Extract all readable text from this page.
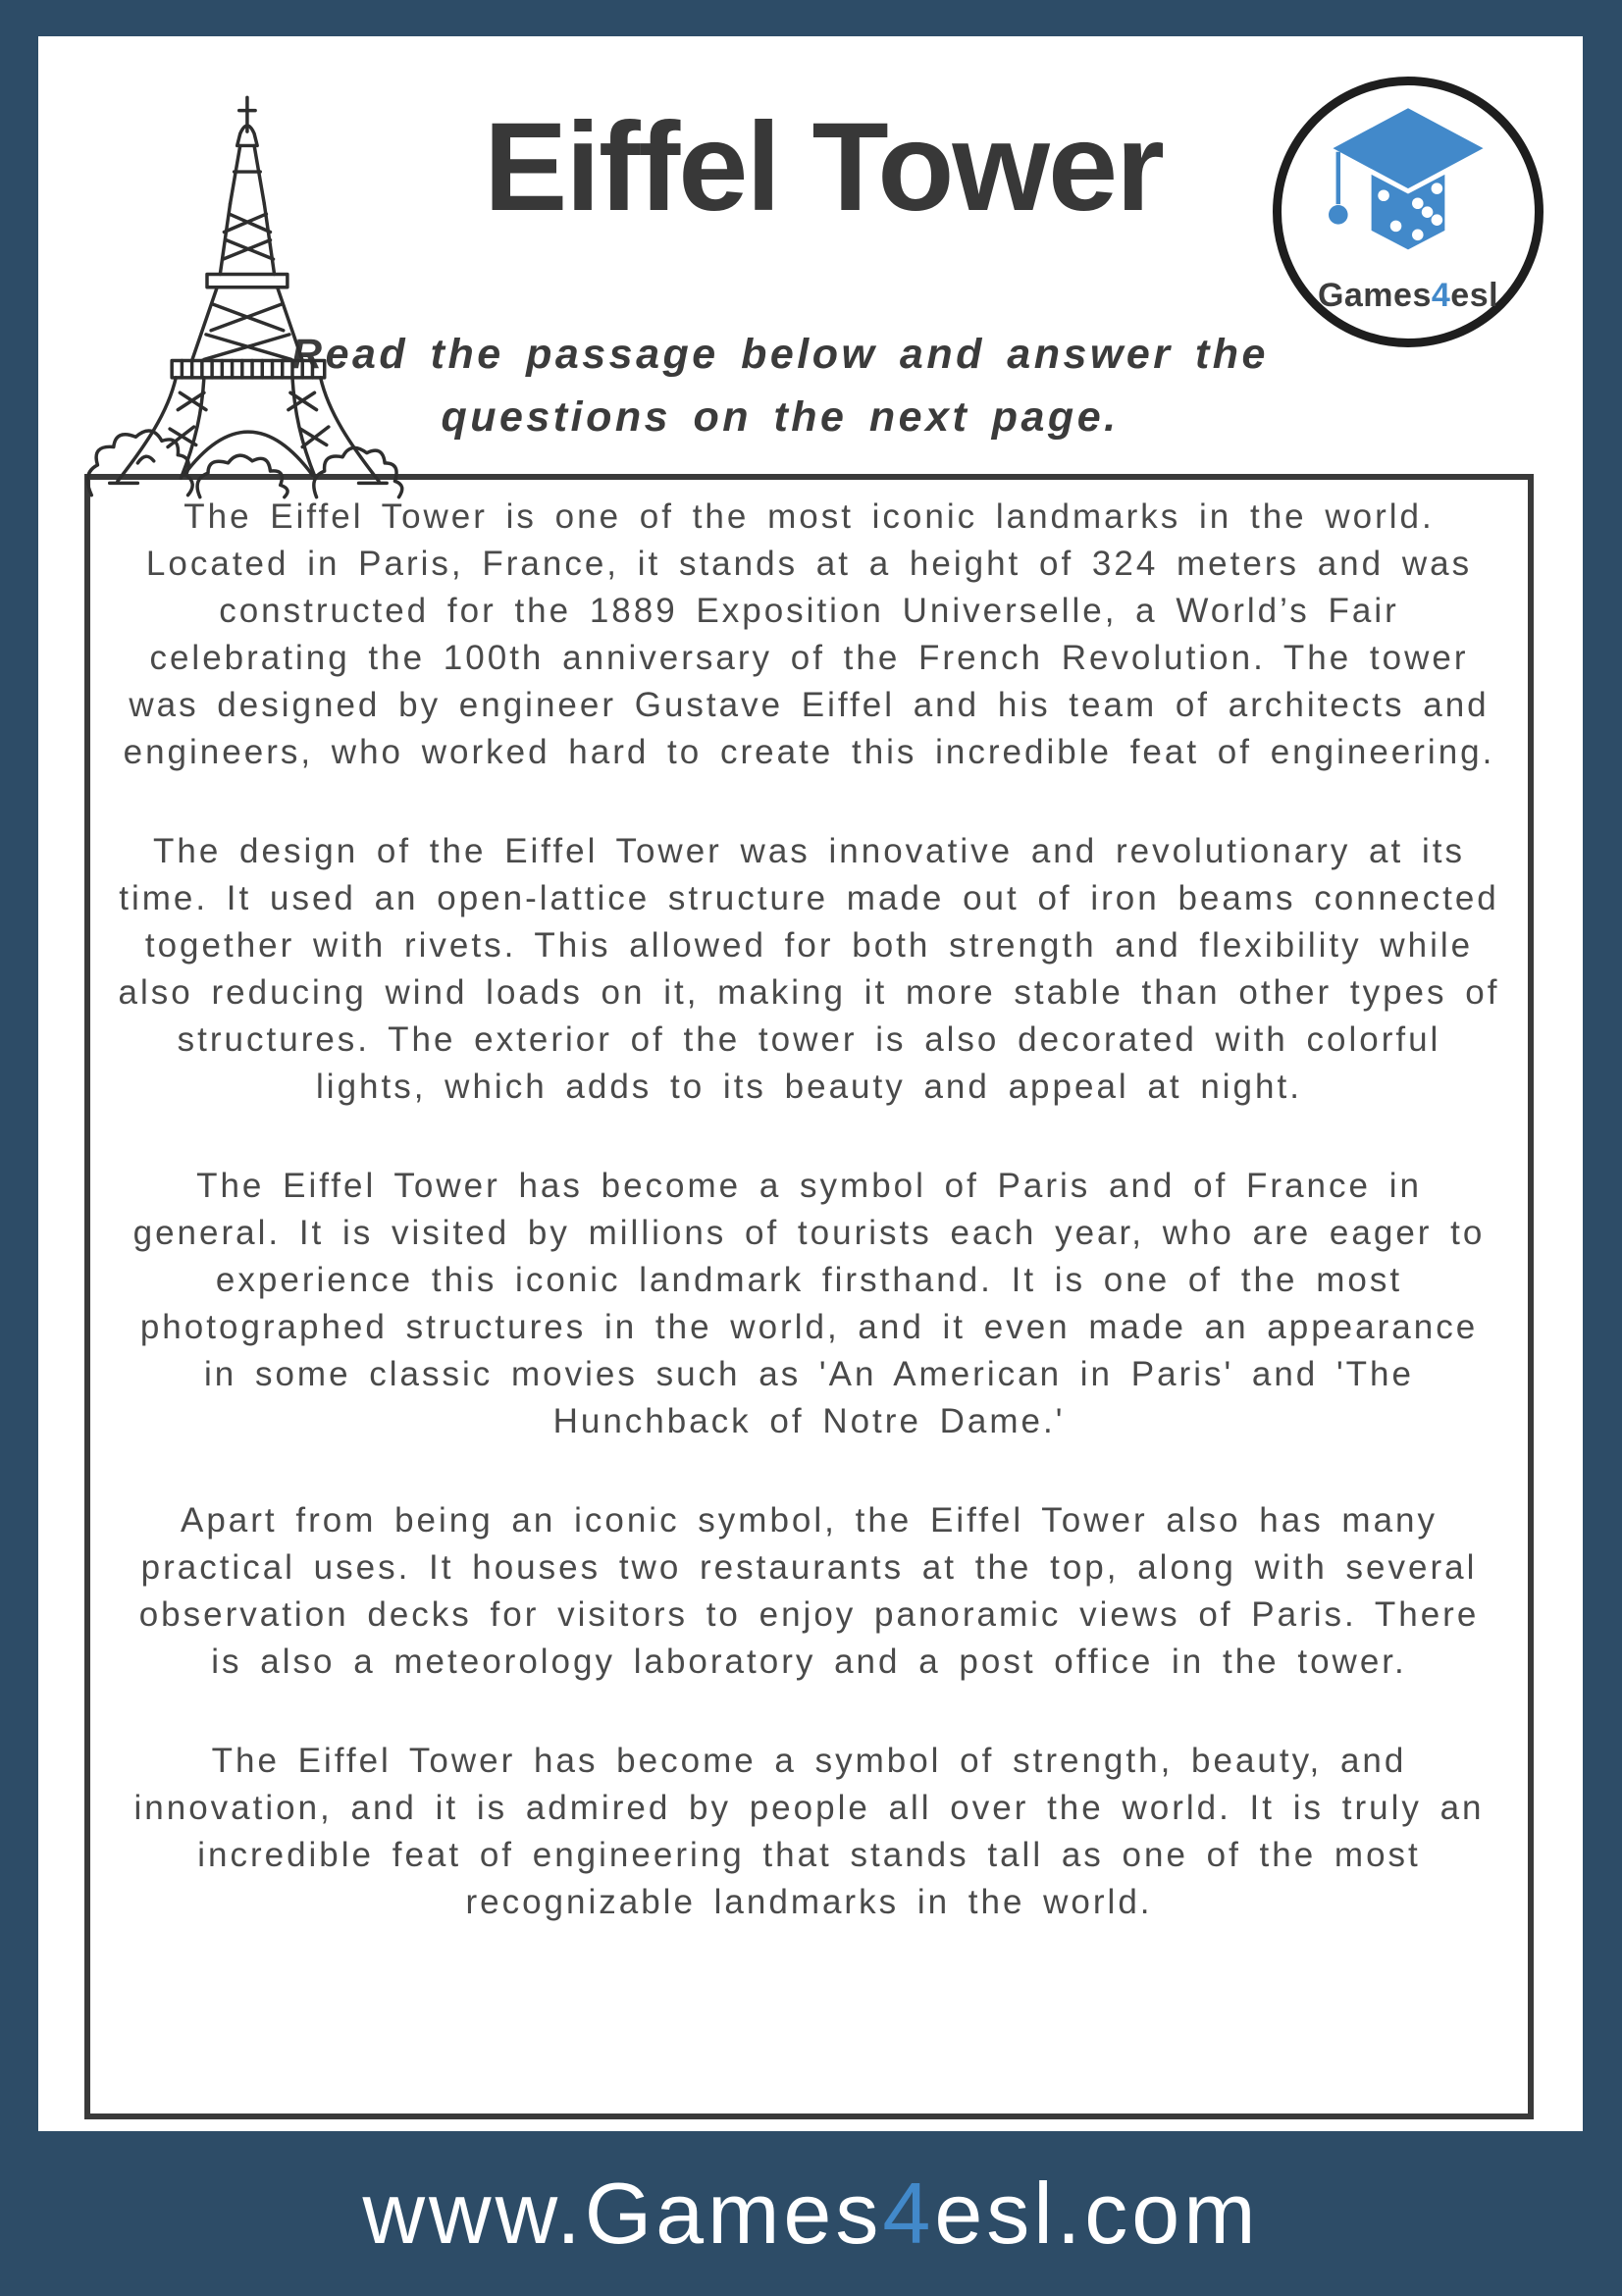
Eiffel Tower
Games4esl
Read the passage below and answer the
questions on the next page.

The Eiffel Tower is one of the most iconic landmarks in the world. Located in Paris, France, it stands at a height of 324 meters and was constructed for the 1889 Exposition Universelle, a World’s Fair celebrating the 100th anniversary of the French Revolution. The tower was designed by engineer Gustave Eiffel and his team of architects and engineers, who worked hard to create this incredible feat of engineering.

The design of the Eiffel Tower was innovative and revolutionary at its time. It used an open-lattice structure made out of iron beams connected together with rivets. This allowed for both strength and flexibility while also reducing wind loads on it, making it more stable than other types of structures. The exterior of the tower is also decorated with colorful lights, which adds to its beauty and appeal at night.

The Eiffel Tower has become a symbol of Paris and of France in general. It is visited by millions of tourists each year, who are eager to experience this iconic landmark firsthand. It is one of the most photographed structures in the world, and it even made an appearance in some classic movies such as 'An American in Paris' and 'The Hunchback of Notre Dame.'

Apart from being an iconic symbol, the Eiffel Tower also has many practical uses. It houses two restaurants at the top, along with several observation decks for visitors to enjoy panoramic views of Paris. There is also a meteorology laboratory and a post office in the tower.

The Eiffel Tower has become a symbol of strength, beauty, and innovation, and it is admired by people all over the world. It is truly an incredible feat of engineering that stands tall as one of the most recognizable landmarks in the world.

www.Games4esl.com
